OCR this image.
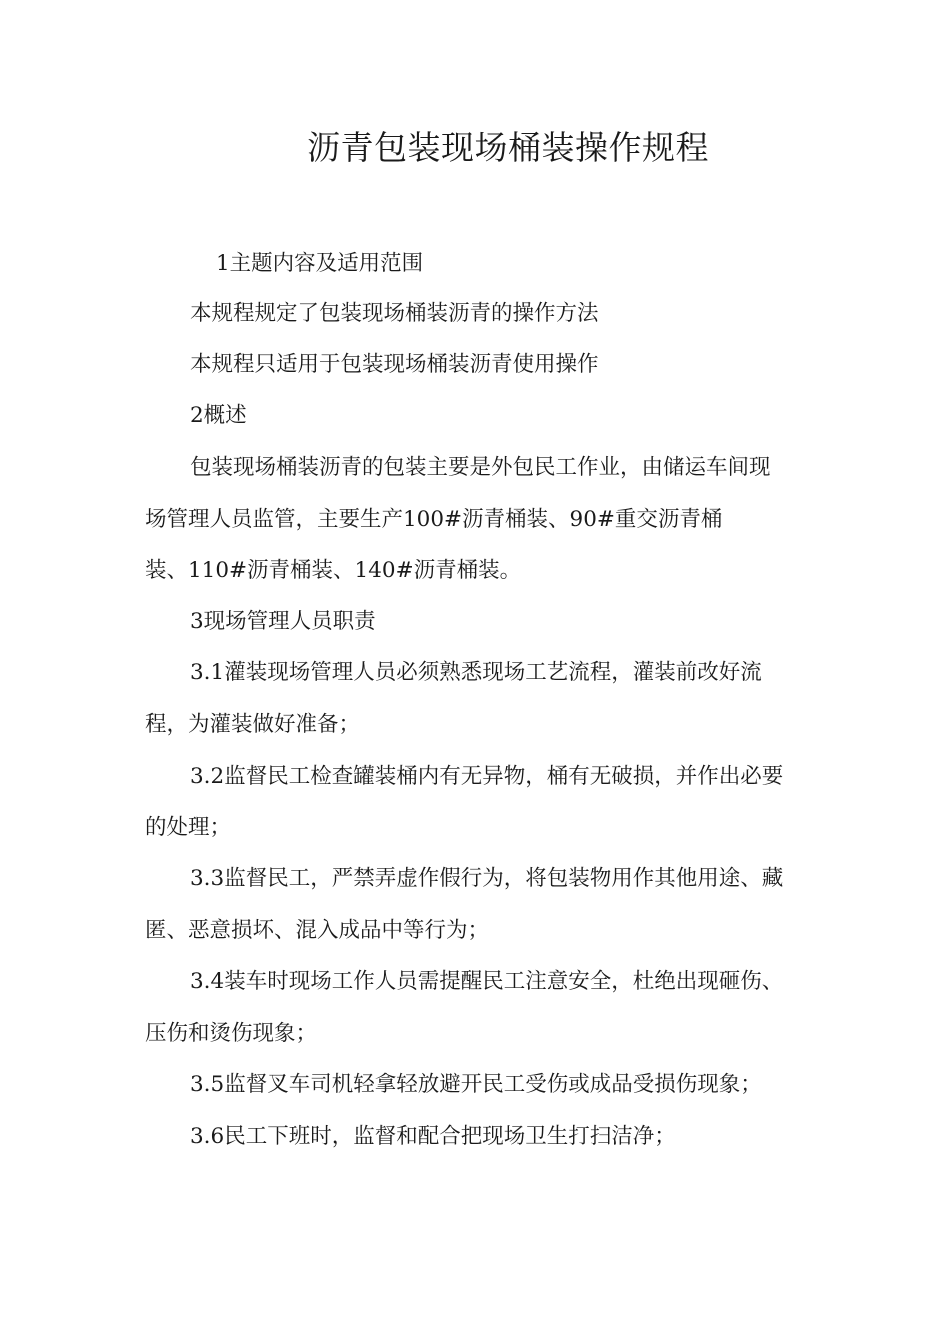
沥青包装现场桶装操作规程
1主题内容及适用范围
本规程规定了包装现场桶装沥青的操作方法
本规程只适用于包装现场桶装沥青使用操作
2概述
包装现场桶装沥青的包装主要是外包民工作业，由储运车间现
场管理人员监管，主要生产100#沥青桶装、90#重交沥青桶
装、110#沥青桶装、140#沥青桶装。
3现场管理人员职责
3.1灌装现场管理人员必须熟悉现场工艺流程，灌装前改好流
程，为灌装做好准备；
3.2监督民工检查罐装桶内有无异物，桶有无破损，并作出必要
的处理；
3.3监督民工，严禁弄虚作假行为，将包装物用作其他用途、藏
匿、恶意损坏、混入成品中等行为；
3.4装车时现场工作人员需提醒民工注意安全，杜绝出现砸伤、
压伤和烫伤现象；
3.5监督叉车司机轻拿轻放避开民工受伤或成品受损伤现象；
3.6民工下班时，监督和配合把现场卫生打扫洁净；
